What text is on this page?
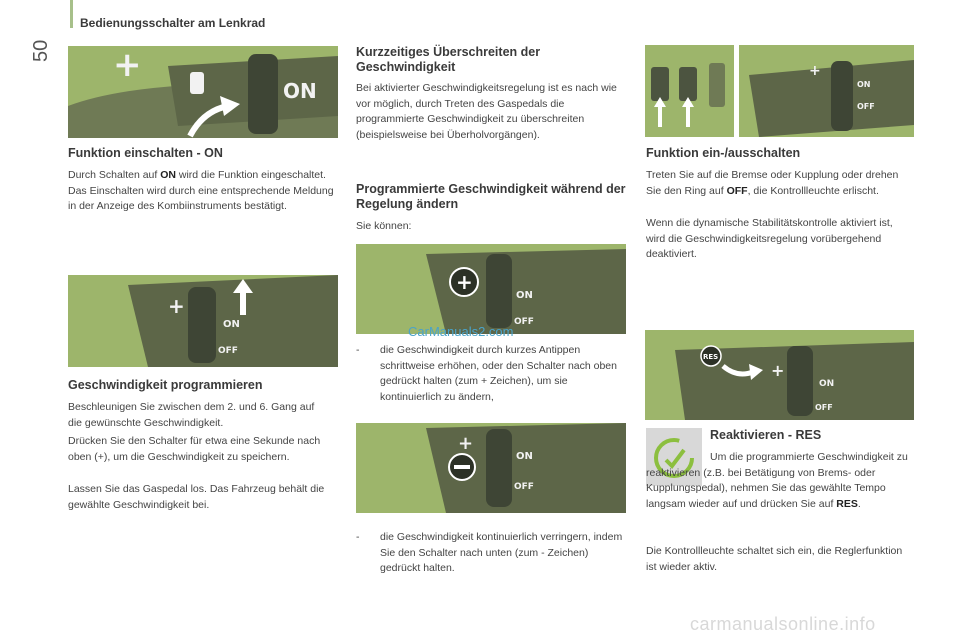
Bedienungsschalter am Lenkrad
50 +
ON
Funktion einschalten - ON

Durch Schalten auf ON wird die Funktion eingeschaltet. Das Einschalten wird durch eine entsprechende Meldung in der Anzeige des Kombiinstruments bestätigt.

+
ON
OFF
Geschwindigkeit programmieren

Beschleunigen Sie zwischen dem 2. und 6. Gang auf die gewünschte Geschwindigkeit.

Drücken Sie den Schalter für etwa eine Sekunde nach oben (+), um die Geschwindigkeit zu speichern.

Lassen Sie das Gaspedal los. Das Fahrzeug behält die gewählte Geschwindigkeit bei.

Kurzzeitiges Überschreiten der Geschwindigkeit

Bei aktivierter Geschwindigkeitsregelung ist es nach wie vor möglich, durch Treten des Gaspedals die programmierte Geschwindigkeit zu überschreiten (beispielsweise bei Überholvorgängen).

Programmierte Geschwindigkeit während der Regelung ändern

Sie können:

+
ON
OFF
CarManuals2.com
-	die Geschwindigkeit durch kurzes Antippen schrittweise erhöhen, oder den Schalter nach oben gedrückt halten (zum + Zeichen), um sie kontinuierlich zu ändern,
+
ON
OFF
-	die Geschwindigkeit kontinuierlich verringern, indem Sie den Schalter nach unten (zum - Zeichen) gedrückt halten.
+
ON
OFF
Funktion ein-/ausschalten

Treten Sie auf die Bremse oder Kupplung oder drehen Sie den Ring auf OFF, die Kontrollleuchte erlischt.

Wenn die dynamische Stabilitätskontrolle aktiviert ist, wird die Geschwindigkeitsregelung vorübergehend deaktiviert.

RES
+
ON
OFF
Reaktivieren - RES

Um die programmierte Geschwindigkeit zu reaktivieren (z.B. bei Betätigung von Brems- oder Kupplungspedal), nehmen Sie das gewählte Tempo langsam wieder auf und drücken Sie auf RES.

Die Kontrollleuchte schaltet sich ein, die Reglerfunktion ist wieder aktiv.

carmanualsonline.info
